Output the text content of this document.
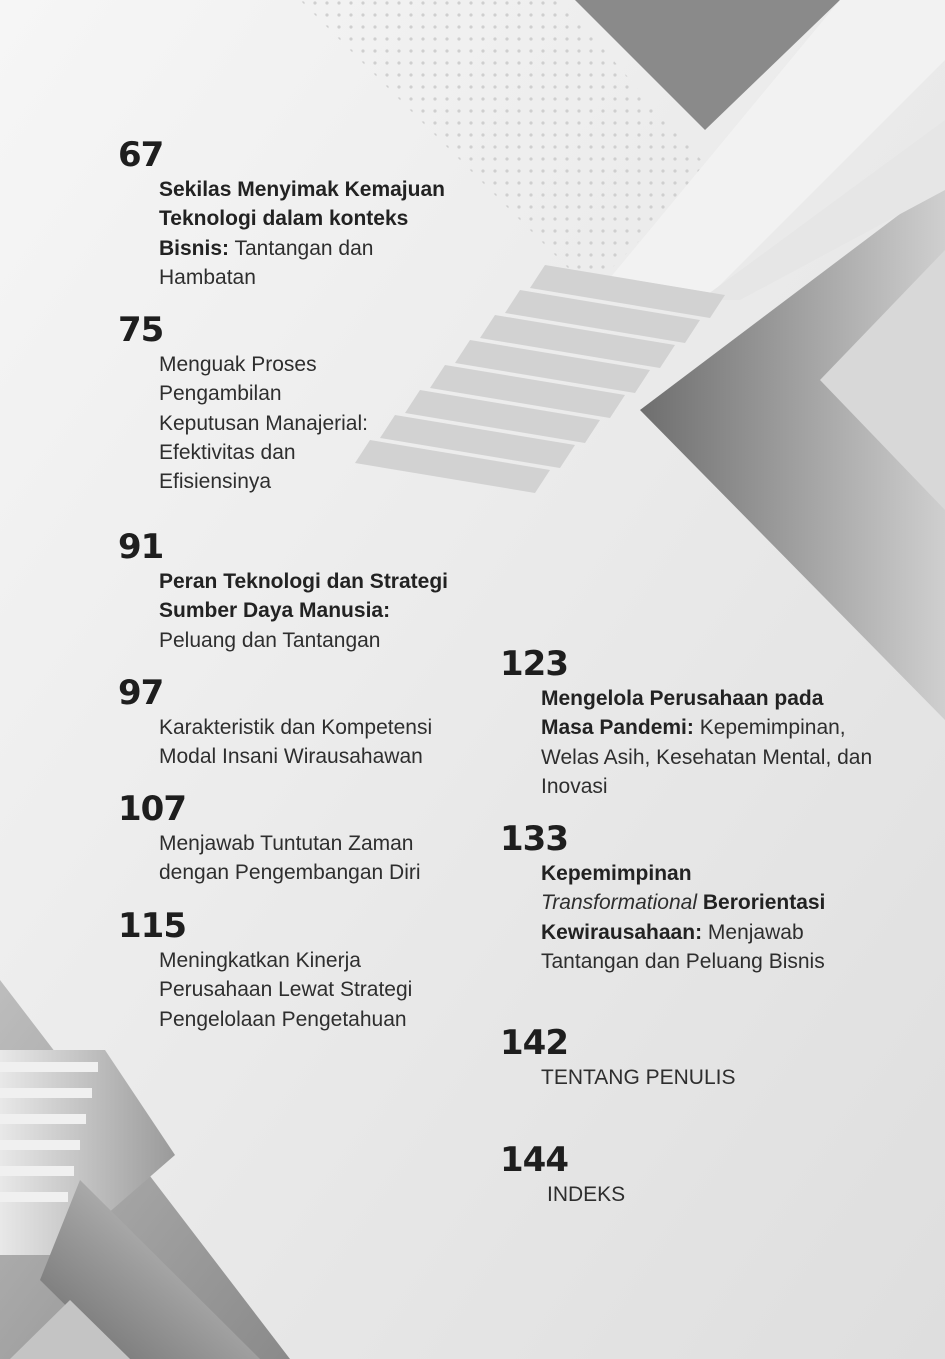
67
Sekilas Menyimak Kemajuan Teknologi dalam konteks Bisnis: Tantangan dan Hambatan
75
Menguak Proses Pengambilan Keputusan Manajerial: Efektivitas dan Efisiensinya
91
Peran Teknologi dan Strategi Sumber Daya Manusia: Peluang dan Tantangan
97
Karakteristik dan Kompetensi Modal Insani Wirausahawan
107
Menjawab Tuntutan Zaman dengan Pengembangan Diri
115
Meningkatkan Kinerja Perusahaan Lewat Strategi Pengelolaan Pengetahuan
123
Mengelola Perusahaan pada Masa Pandemi: Kepemimpinan, Welas Asih, Kesehatan Mental, dan Inovasi
133
Kepemimpinan
Transformational Berorientasi Kewirausahaan: Menjawab Tantangan dan Peluang Bisnis
142
TENTANG PENULIS
144
INDEKS
